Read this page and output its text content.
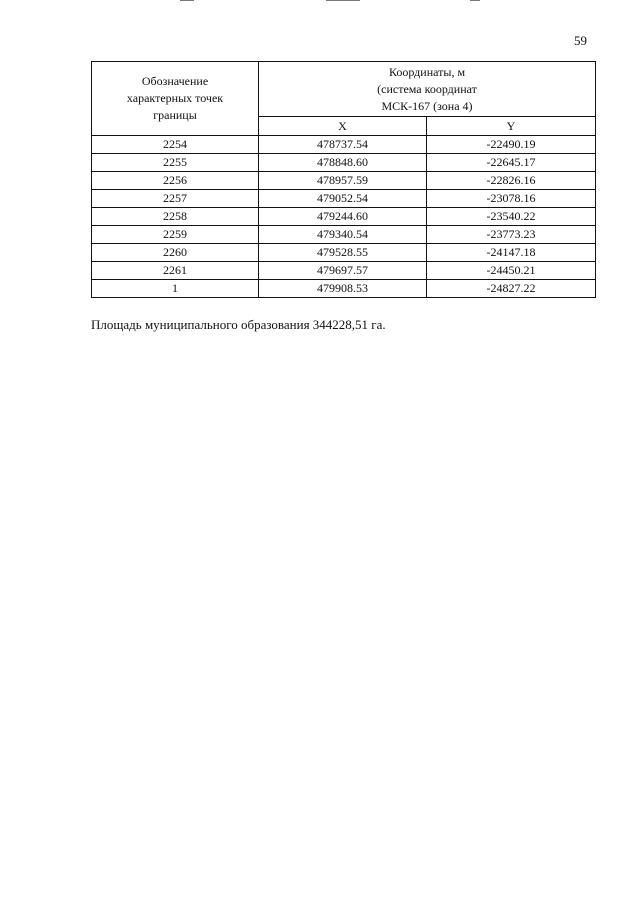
59
Обозначение характерных точек границы	Координаты, м
(система координат
МСК-167 (зона 4)	

	X	Y
2254	478737.54	-22490.19
2255	478848.60	-22645.17
2256	478957.59	-22826.16
2257	479052.54	-23078.16
2258	479244.60	-23540.22
2259	479340.54	-23773.23
2260	479528.55	-24147.18
2261	479697.57	-24450.21
1	479908.53	-24827.22
Площадь муниципального образования 344228,51 га.
